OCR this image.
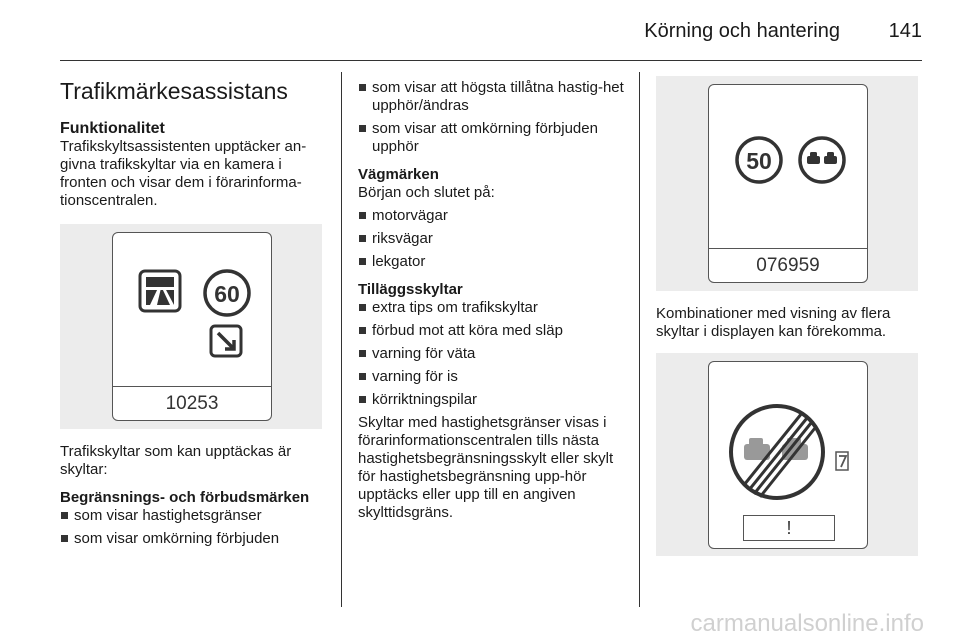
Körning och hantering 141
Trafikmärkesassistans
Funktionalitet

Trafikskyltsassistenten upptäcker an-givna trafikskyltar via en kamera i fronten och visar dem i förarinforma-tionscentralen.

60
10253

Trafikskyltar som kan upptäckas är skyltar:

Begränsnings- och förbudsmärken
som visar hastighetsgränser
som visar omkörning förbjuden
som visar att högsta tillåtna hastig-het upphör/ändras
som visar att omkörning förbjuden upphör
Vägmärken

Början och slutet på:

motorvägar
riksvägar
lekgator
Tilläggsskyltar
extra tips om trafikskyltar
förbud mot att köra med släp
varning för väta
varning för is
körriktningspilar

Skyltar med hastighetsgränser visas i förarinformationscentralen tills nästa hastighetsbegränsningsskylt eller skylt för hastighetsbegränsning upp-hör upptäcks eller upp till en angiven skylttidsgräns.

50
076959

Kombinationer med visning av flera skyltar i displayen kan förekomma.

!
carmanualsonline.info
